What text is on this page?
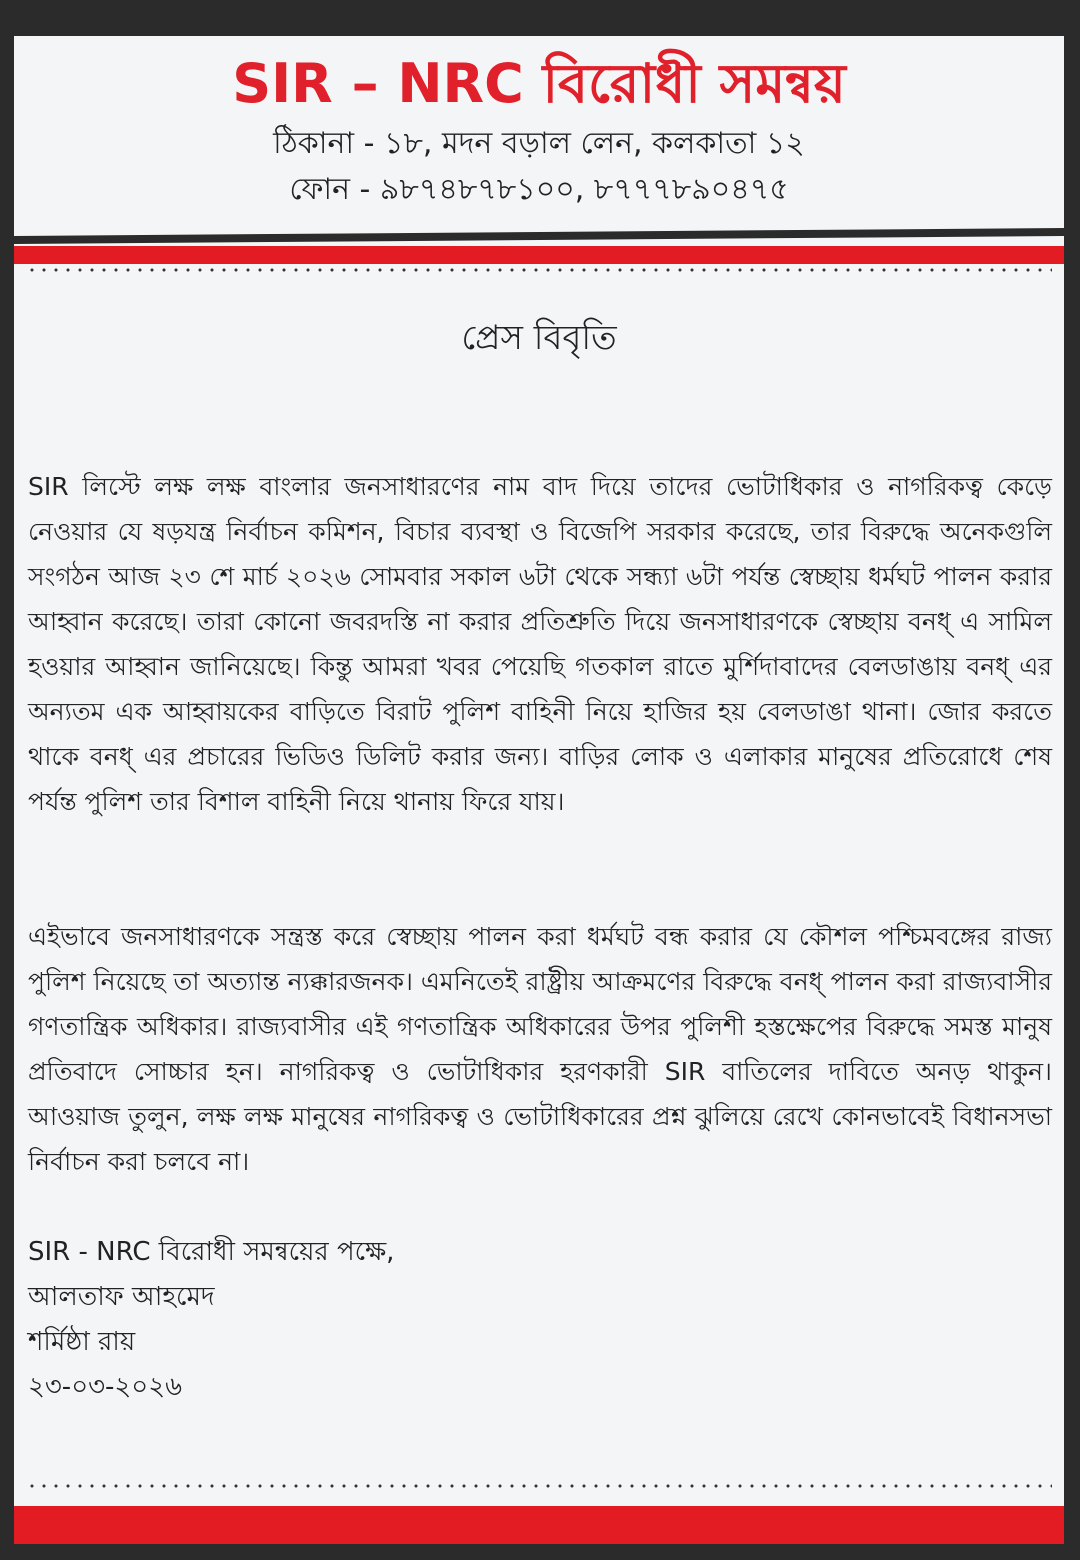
SIR – NRC বিরোধী সমন্বয়
ঠিকানা - ১৮, মদন বড়াল লেন, কলকাতা ১২
ফোন - ৯৮৭৪৮৭৮১০০, ৮৭৭৭৮৯০৪৭৫
প্রেস বিবৃতি

SIR লিস্টে লক্ষ লক্ষ বাংলার জনসাধারণের নাম বাদ দিয়ে তাদের ভোটাধিকার ও নাগরিকত্ব কেড়ে নেওয়ার যে ষড়যন্ত্র নির্বাচন কমিশন, বিচার ব্যবস্থা ও বিজেপি সরকার করেছে, তার বিরুদ্ধে অনেকগুলি সংগঠন আজ ২৩ শে মার্চ ২০২৬ সোমবার সকাল ৬টা থেকে সন্ধ্যা ৬টা পর্যন্ত স্বেচ্ছায় ধর্মঘট পালন করার আহ্বান করেছে। তারা কোনো জবরদস্তি না করার প্রতিশ্রুতি দিয়ে জনসাধারণকে স্বেচ্ছায় বনধ্ এ সামিল হওয়ার আহ্বান জানিয়েছে। কিন্তু আমরা খবর পেয়েছি গতকাল রাতে মুর্শিদাবাদের বেলডাঙায় বনধ্ এর অন্যতম এক আহ্বায়কের বাড়িতে বিরাট পুলিশ বাহিনী নিয়ে হাজির হয় বেলডাঙা থানা। জোর করতে থাকে বনধ্ এর প্রচারের ভিডিও ডিলিট করার জন্য। বাড়ির লোক ও এলাকার মানুষের প্রতিরোধে শেষ পর্যন্ত পুলিশ তার বিশাল বাহিনী নিয়ে থানায় ফিরে যায়।

এইভাবে জনসাধারণকে সন্ত্রস্ত করে স্বেচ্ছায় পালন করা ধর্মঘট বন্ধ করার যে কৌশল পশ্চিমবঙ্গের রাজ্য পুলিশ নিয়েছে তা অত্যান্ত ন্যক্কারজনক। এমনিতেই রাষ্ট্রীয় আক্রমণের বিরুদ্ধে বনধ্ পালন করা রাজ্যবাসীর গণতান্ত্রিক অধিকার। রাজ্যবাসীর এই গণতান্ত্রিক অধিকারের উপর পুলিশী হস্তক্ষেপের বিরুদ্ধে সমস্ত মানুষ প্রতিবাদে সোচ্চার হন। নাগরিকত্ব ও ভোটাধিকার হরণকারী SIR বাতিলের দাবিতে অনড় থাকুন। আওয়াজ তুলুন, লক্ষ লক্ষ মানুষের নাগরিকত্ব ও ভোটাধিকারের প্রশ্ন ঝুলিয়ে রেখে কোনভাবেই বিধানসভা নির্বাচন করা চলবে না।

SIR - NRC বিরোধী সমন্বয়ের পক্ষে,
আলতাফ আহমেদ
শর্মিষ্ঠা রায়
২৩-০৩-২০২৬
